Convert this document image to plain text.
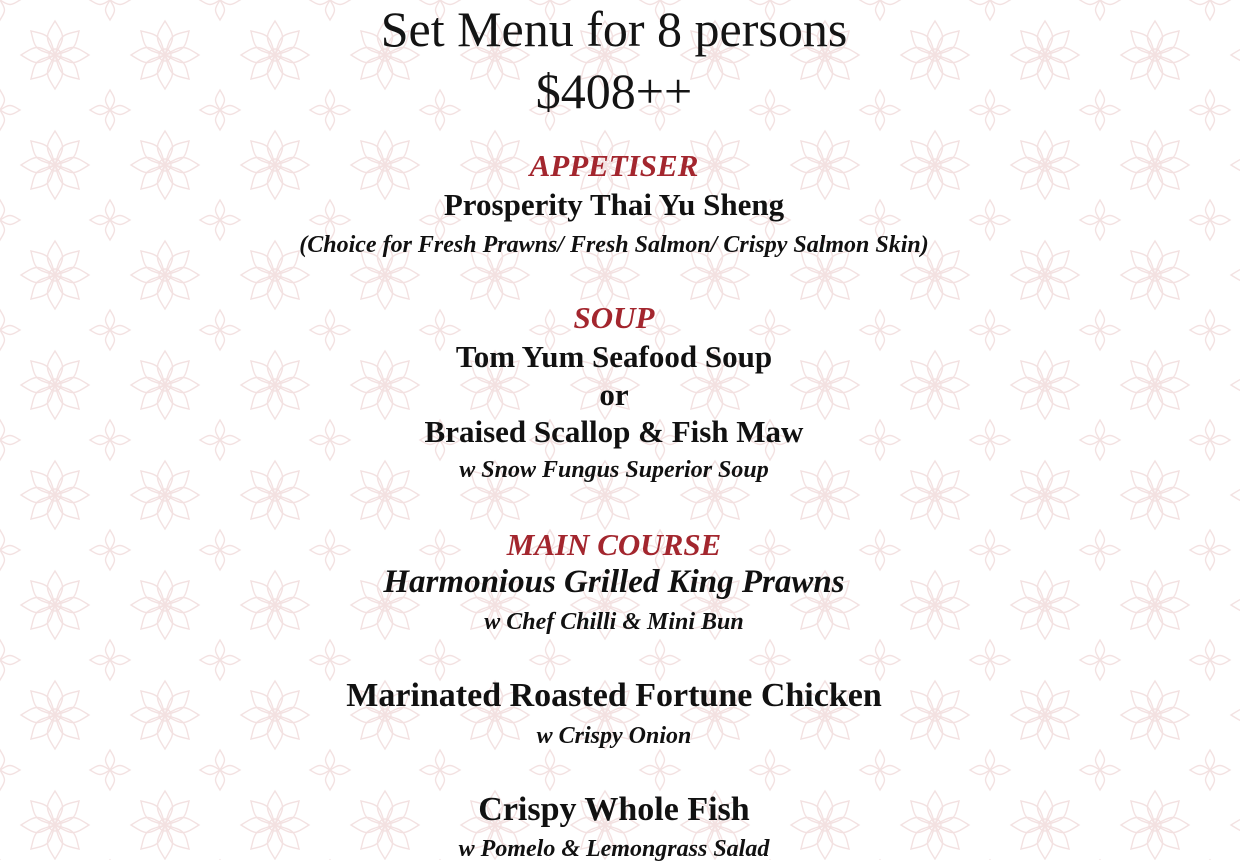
Set Menu for 8 persons
$408++
APPETISER
Prosperity Thai Yu Sheng
(Choice for Fresh Prawns/ Fresh Salmon/ Crispy Salmon Skin)
SOUP
Tom Yum Seafood Soup
or
Braised Scallop & Fish Maw
w Snow Fungus Superior Soup
MAIN COURSE
Harmonious Grilled King Prawns
w Chef Chilli & Mini Bun
Marinated Roasted Fortune Chicken
w Crispy Onion
Crispy Whole Fish
w Pomelo & Lemongrass Salad
